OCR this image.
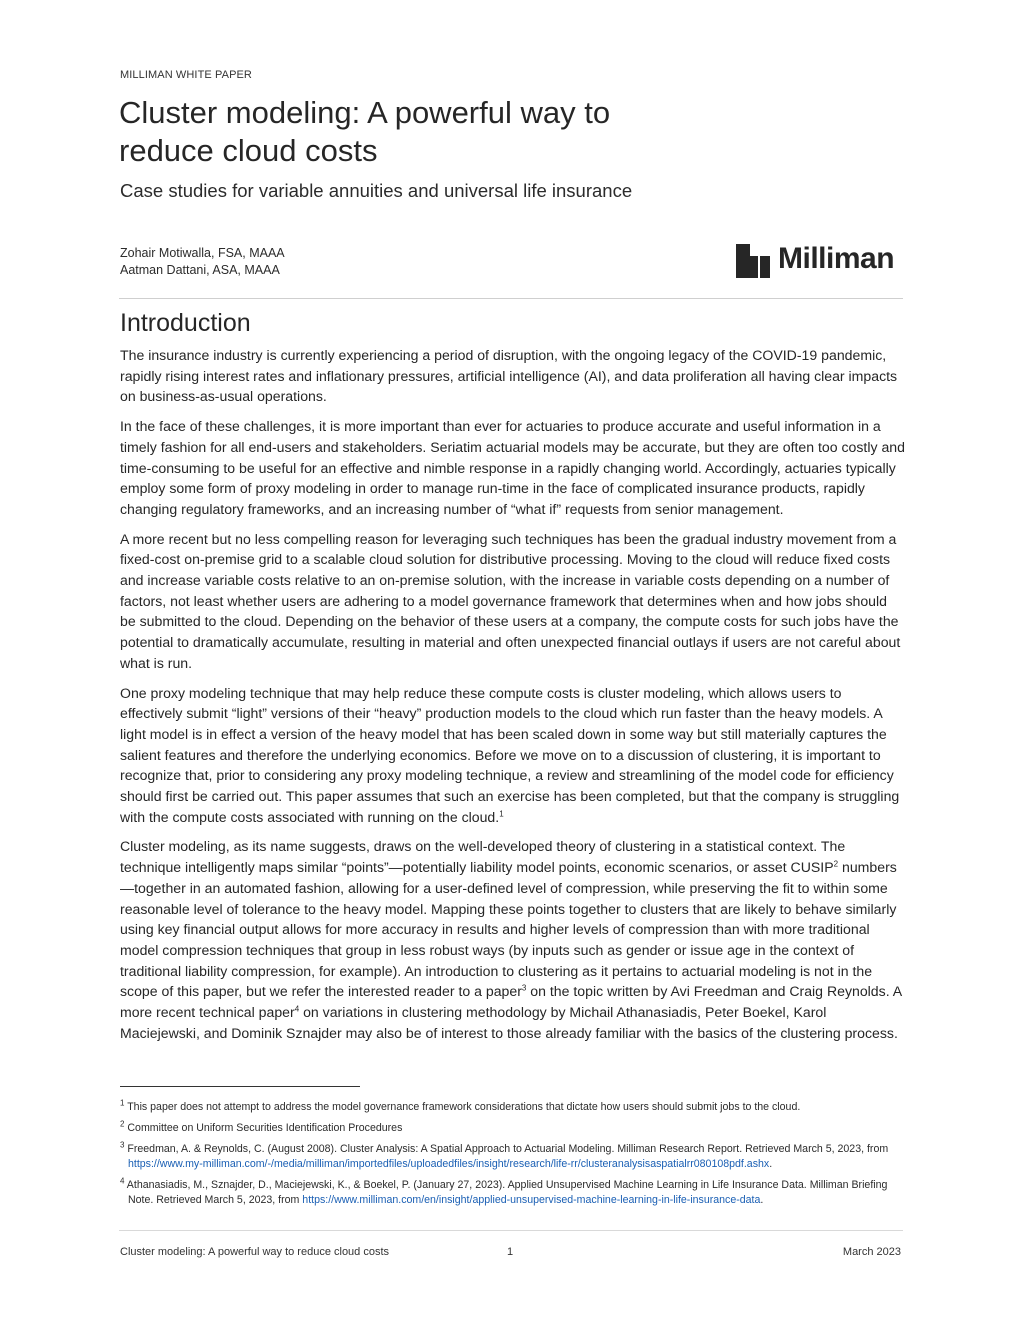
MILLIMAN WHITE PAPER
Cluster modeling: A powerful way to reduce cloud costs
Case studies for variable annuities and universal life insurance
Zohair Motiwalla, FSA, MAAA
Aatman Dattani, ASA, MAAA	Milliman
Introduction

The insurance industry is currently experiencing a period of disruption, with the ongoing legacy of the COVID-19 pandemic, rapidly rising interest rates and inflationary pressures, artificial intelligence (AI), and data proliferation all having clear impacts on business-as-usual operations.

In the face of these challenges, it is more important than ever for actuaries to produce accurate and useful information in a timely fashion for all end-users and stakeholders. Seriatim actuarial models may be accurate, but they are often too costly and time-consuming to be useful for an effective and nimble response in a rapidly changing world. Accordingly, actuaries typically employ some form of proxy modeling in order to manage run-time in the face of complicated insurance products, rapidly changing regulatory frameworks, and an increasing number of “what if” requests from senior management.

A more recent but no less compelling reason for leveraging such techniques has been the gradual industry movement from a fixed-cost on-premise grid to a scalable cloud solution for distributive processing. Moving to the cloud will reduce fixed costs and increase variable costs relative to an on-premise solution, with the increase in variable costs depending on a number of factors, not least whether users are adhering to a model governance framework that determines when and how jobs should be submitted to the cloud. Depending on the behavior of these users at a company, the compute costs for such jobs have the potential to dramatically accumulate, resulting in material and often unexpected financial outlays if users are not careful about what is run.

One proxy modeling technique that may help reduce these compute costs is cluster modeling, which allows users to effectively submit “light” versions of their “heavy” production models to the cloud which run faster than the heavy models. A light model is in effect a version of the heavy model that has been scaled down in some way but still materially captures the salient features and therefore the underlying economics. Before we move on to a discussion of clustering, it is important to recognize that, prior to considering any proxy modeling technique, a review and streamlining of the model code for efficiency should first be carried out. This paper assumes that such an exercise has been completed, but that the company is struggling with the compute costs associated with running on the cloud.$^1$

Cluster modeling, as its name suggests, draws on the well-developed theory of clustering in a statistical context. The technique intelligently maps similar “points”—potentially liability model points, economic scenarios, or asset CUSIP$^2$ numbers—together in an automated fashion, allowing for a user-defined level of compression, while preserving the fit to within some reasonable level of tolerance to the heavy model. Mapping these points together to clusters that are likely to behave similarly using key financial output allows for more accuracy in results and higher levels of compression than with more traditional model compression techniques that group in less robust ways (by inputs such as gender or issue age in the context of traditional liability compression, for example). An introduction to clustering as it pertains to actuarial modeling is not in the scope of this paper, but we refer the interested reader to a paper$^3$ on the topic written by Avi Freedman and Craig Reynolds. A more recent technical paper$^4$ on variations in clustering methodology by Michail Athanasiadis, Peter Boekel, Karol Maciejewski, and Dominik Sznajder may also be of interest to those already familiar with the basics of the clustering process.

$^1$ This paper does not attempt to address the model governance framework considerations that dictate how users should submit jobs to the cloud.
$^2$ Committee on Uniform Securities Identification Procedures
$^3$ Freedman, A. & Reynolds, C. (August 2008). Cluster Analysis: A Spatial Approach to Actuarial Modeling. Milliman Research Report. Retrieved March 5, 2023, from https://www.my-milliman.com/-/media/milliman/importedfiles/uploadedfiles/insight/research/life-rr/clusteranalysisaspatialrr080108pdf.ashx.
$^4$ Athanasiadis, M., Sznajder, D., Maciejewski, K., & Boekel, P. (January 27, 2023). Applied Unsupervised Machine Learning in Life Insurance Data. Milliman Briefing Note. Retrieved March 5, 2023, from https://www.milliman.com/en/insight/applied-unsupervised-machine-learning-in-life-insurance-data.
Cluster modeling: A powerful way to reduce cloud costs	1	March 2023
